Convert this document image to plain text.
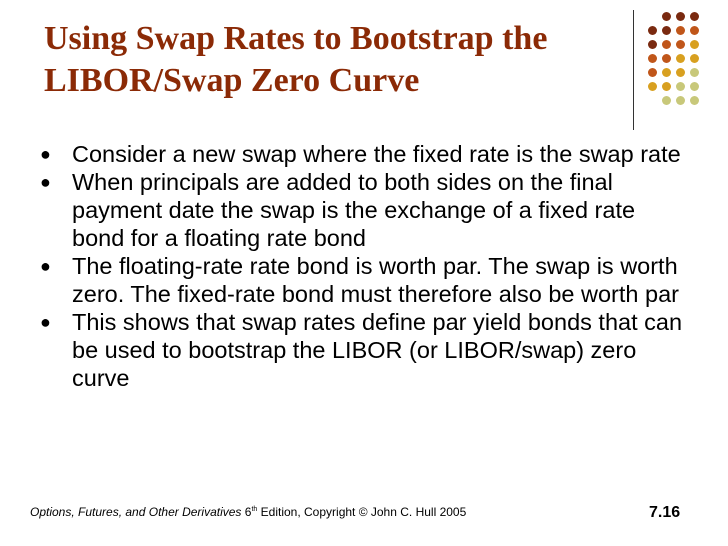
Using Swap Rates to Bootstrap the
LIBOR/Swap Zero Curve
● Consider a new swap where the fixed rate is the swap rate
● When principals are added to both sides on the final payment date the swap is the exchange of a fixed rate bond for a floating rate bond
● The floating-rate rate bond is worth par. The swap is worth zero. The fixed-rate bond must therefore also be worth par
● This shows that swap rates define par yield bonds that can be used to bootstrap the LIBOR (or LIBOR/swap) zero curve
Options, Futures, and Other Derivatives 6th Edition, Copyright © John C. Hull 2005	7.16
